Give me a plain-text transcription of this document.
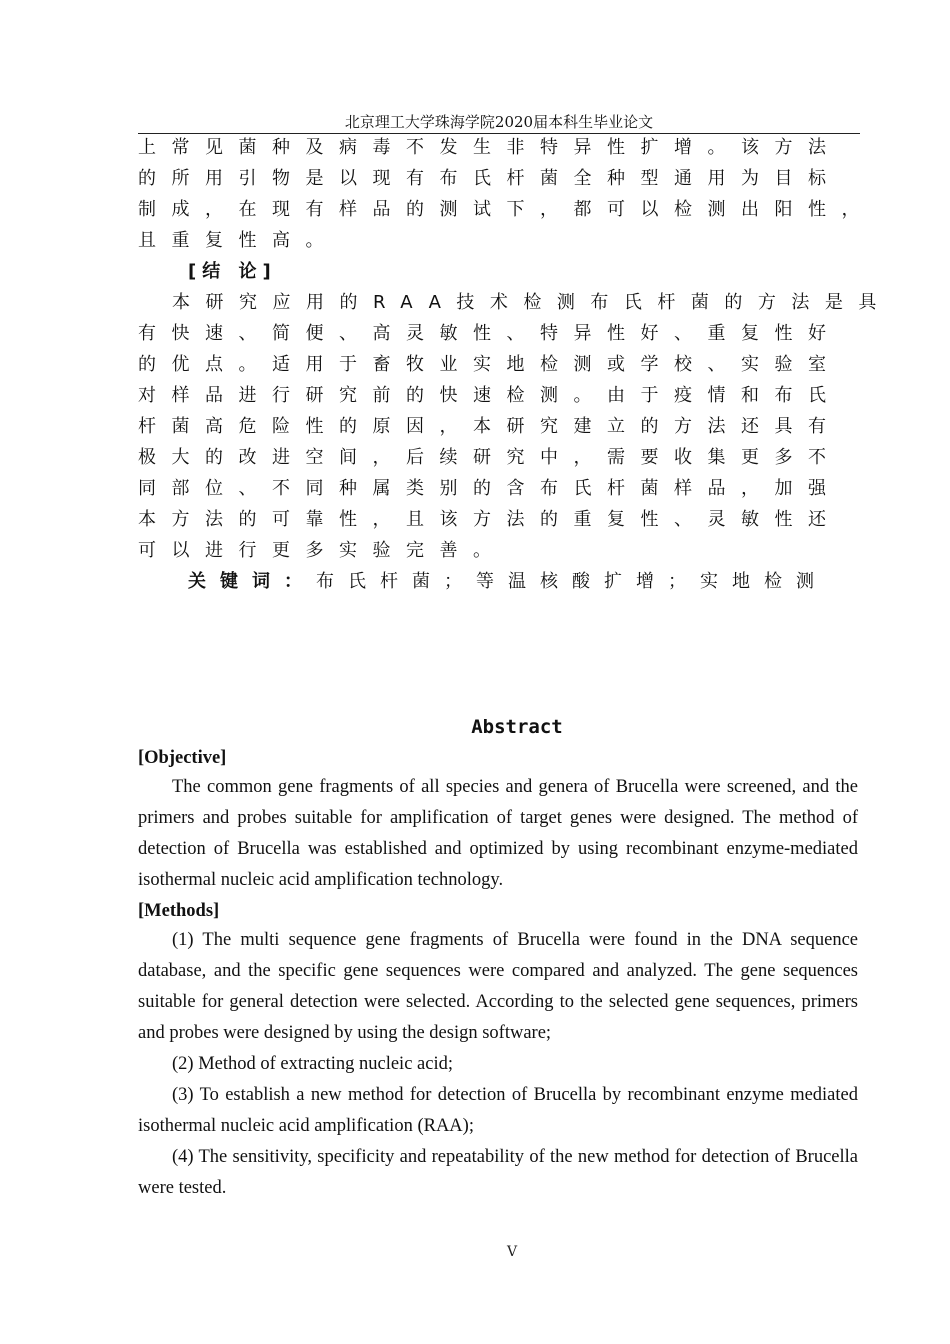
北京理工大学珠海学院2020届本科生毕业论文
上常见菌种及病毒不发生非特异性扩增。该方法
的所用引物是以现有布氏杆菌全种型通用为目标
制成，在现有样品的测试下，都可以检测出阳性，
且重复性高。
[结 论]
本研究应用的RAA技术检测布氏杆菌的方法是具
有快速、简便、高灵敏性、特异性好、重复性好
的优点。适用于畜牧业实地检测或学校、实验室
对样品进行研究前的快速检测。由于疫情和布氏
杆菌高危险性的原因，本研究建立的方法还具有
极大的改进空间，后续研究中，需要收集更多不
同部位、不同种属类别的含布氏杆菌样品，加强
本方法的可靠性，且该方法的重复性、灵敏性还
可以进行更多实验完善。
关键词：布氏杆菌；等温核酸扩增；实地检测
Abstract
[Objective]

The common gene fragments of all species and genera of Brucella were screened, and the primers and probes suitable for amplification of target genes were designed. The method of detection of Brucella was established and optimized by using recombinant enzyme-mediated isothermal nucleic acid amplification technology.

[Methods]

(1) The multi sequence gene fragments of Brucella were found in the DNA sequence database, and the specific gene sequences were compared and analyzed. The gene sequences suitable for general detection were selected. According to the selected gene sequences, primers and probes were designed by using the design software;

(2) Method of extracting nucleic acid;

(3) To establish a new method for detection of Brucella by recombinant enzyme mediated isothermal nucleic acid amplification (RAA);

(4) The sensitivity, specificity and repeatability of the new method for detection of Brucella were tested.

V
